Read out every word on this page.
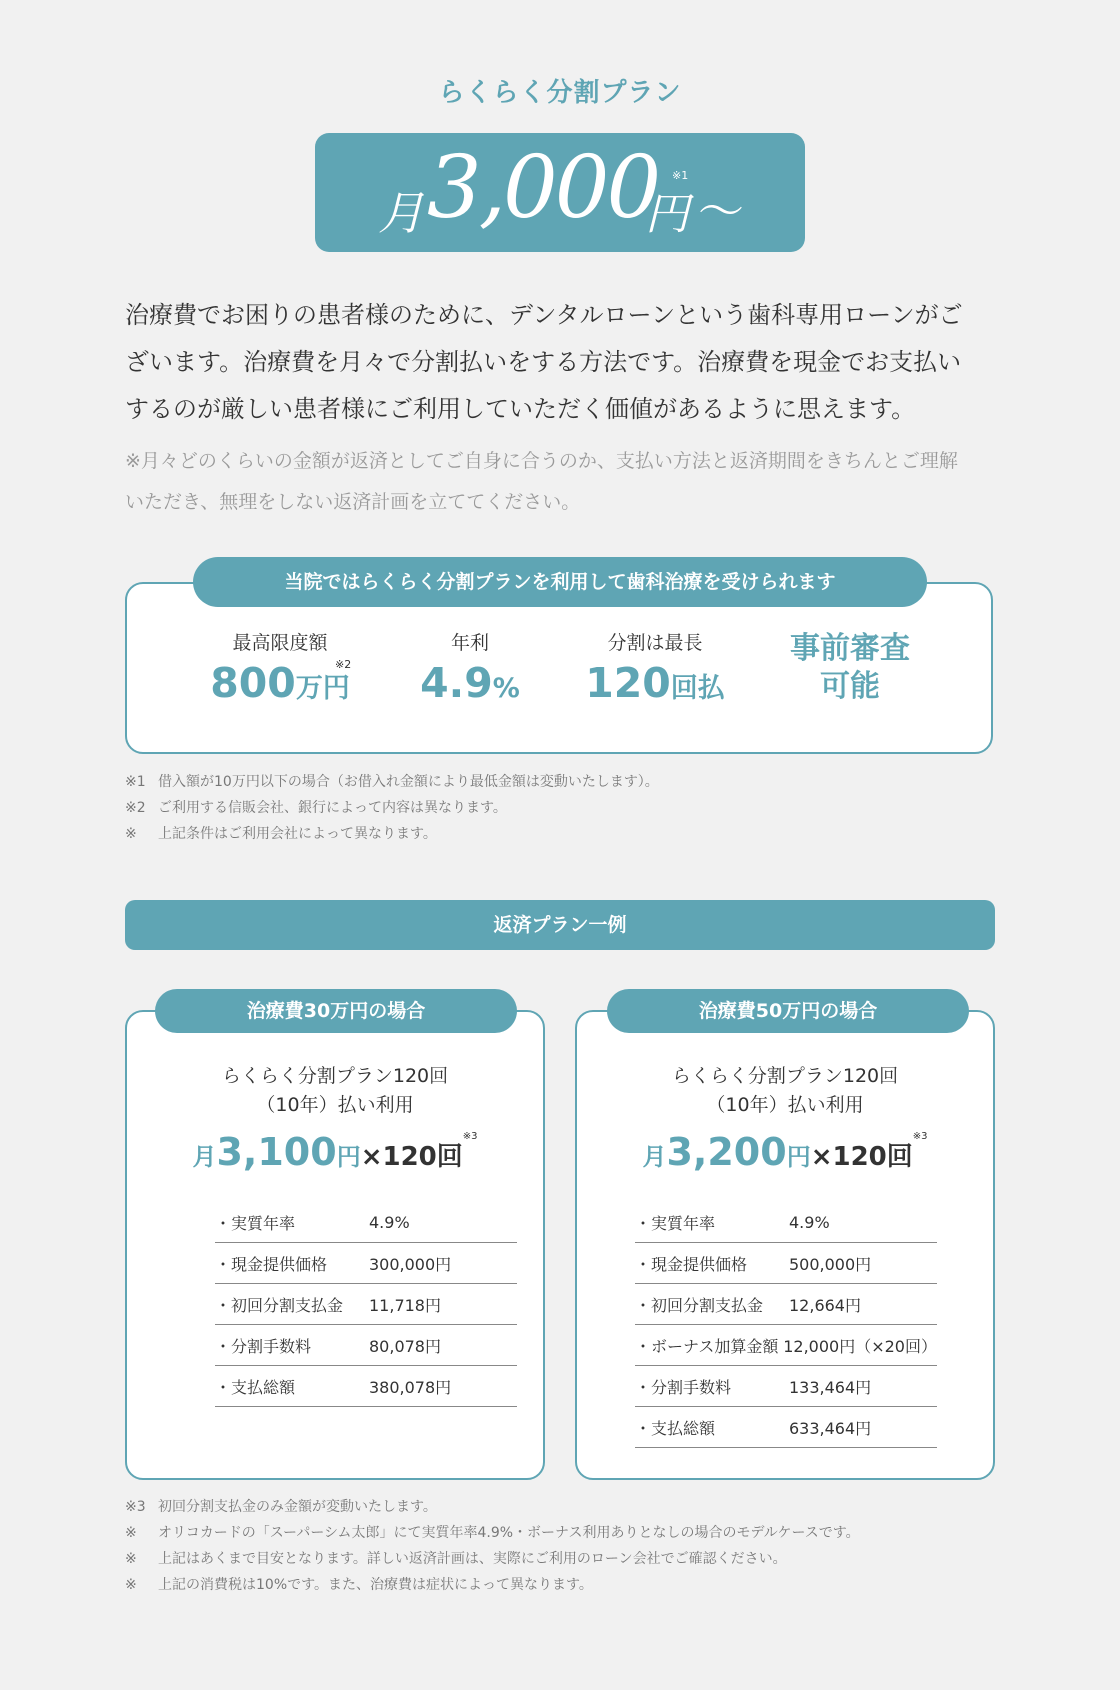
らくらく分割プラン
月 3,000
円
※1
〜
治療費でお困りの患者様のために、デンタルローンという歯科専用ローンがご
ざいます。治療費を月々で分割払いをする方法です。治療費を現金でお支払い
するのが厳しい患者様にご利用していただく価値があるように思えます。
※月々どのくらいの金額が返済としてご自身に合うのか、支払い方法と返済期間をきちんとご理解
いただき、無理をしない返済計画を立ててください。
当院ではらくらく分割プランを利用して歯科治療を受けられます
最高限度額
800万円
※2
年利
4.9%
分割は最長
120回払
事前審査
可能
※1 借入額が10万円以下の場合（お借入れ金額により最低金額は変動いたします）。
※2 ご利用する信販会社、銀行によって内容は異なります。
※	上記条件はご利用会社によって異なります。
返済プラン一例
らくらく分割プラン120回
（10年）払い利用
月3,100円×120回$^{※3}$
・実質年率	4.9%
・現金提供価格	300,000円
・初回分割支払金	11,718円
・分割手数料	80,078円
・支払総額	380,078円
治療費30万円の場合
らくらく分割プラン120回
（10年）払い利用
月3,200円×120回$^{※3}$
・実質年率	4.9%
・現金提供価格	500,000円
・初回分割支払金	12,664円
・ボーナス加算金額 12,000円（×20回）
・分割手数料	133,464円
・支払総額	633,464円
治療費50万円の場合
※3 初回分割支払金のみ金額が変動いたします。
※	オリコカードの「スーパーシム太郎」にて実質年率4.9%・ボーナス利用ありとなしの場合のモデルケースです。
※	上記はあくまで目安となります。詳しい返済計画は、実際にご利用のローン会社でご確認ください。
※	上記の消費税は10%です。また、治療費は症状によって異なります。
